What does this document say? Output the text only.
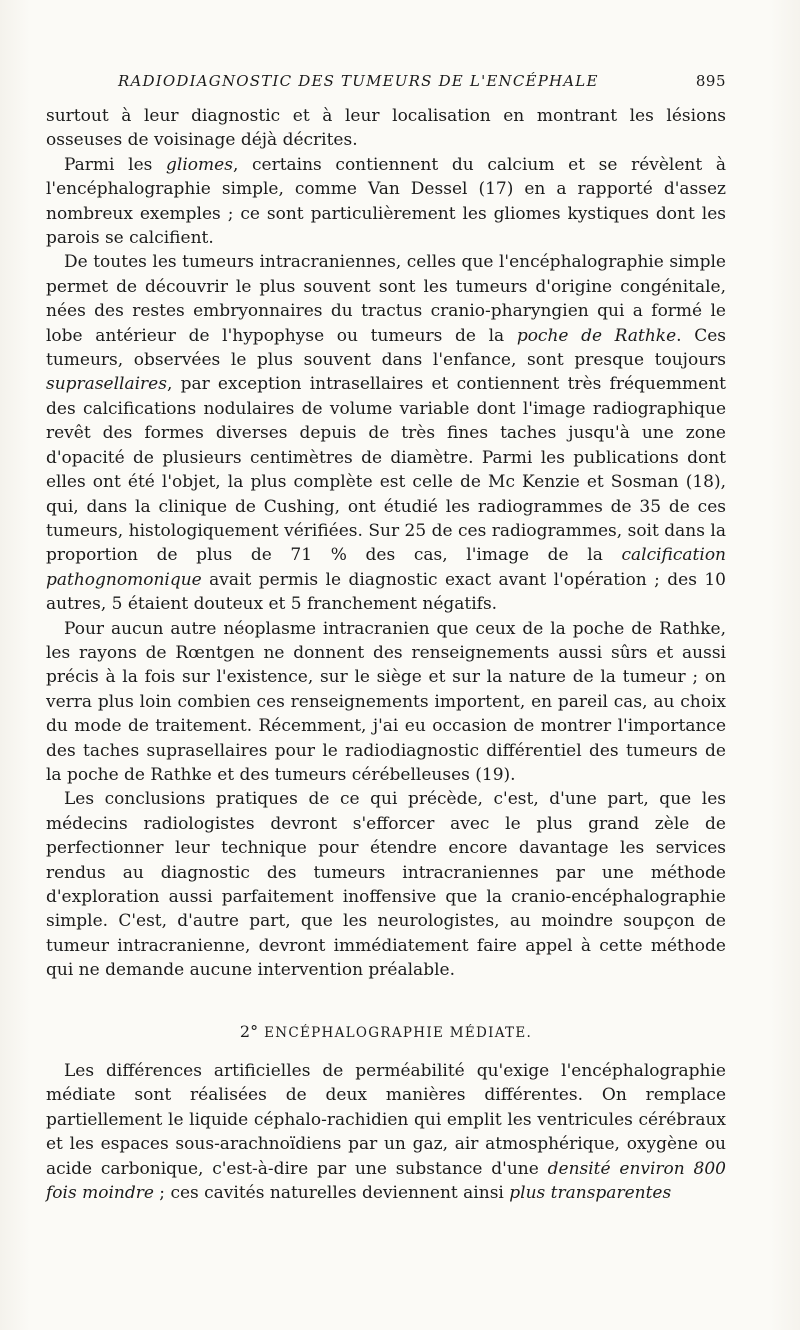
RADIODIAGNOSTIC DES TUMEURS DE L'ENCÉPHALE	895

surtout à leur diagnostic et à leur localisation en montrant les lésions osseuses de voisinage déjà décrites.

Parmi les gliomes, certains contiennent du calcium et se révèlent à l'encéphalographie simple, comme Van Dessel (17) en a rapporté d'assez nombreux exemples ; ce sont particulièrement les gliomes kystiques dont les parois se calcifient.

De toutes les tumeurs intracraniennes, celles que l'encéphalographie simple permet de découvrir le plus souvent sont les tumeurs d'origine congénitale, nées des restes embryonnaires du tractus cranio-pharyngien qui a formé le lobe antérieur de l'hypophyse ou tumeurs de la poche de Rathke. Ces tumeurs, observées le plus souvent dans l'enfance, sont presque toujours suprasellaires, par exception intrasellaires et contiennent très fréquemment des calcifications nodulaires de volume variable dont l'image radiographique revêt des formes diverses depuis de très fines taches jusqu'à une zone d'opacité de plusieurs centimètres de diamètre. Parmi les publications dont elles ont été l'objet, la plus complète est celle de Mc Kenzie et Sosman (18), qui, dans la clinique de Cushing, ont étudié les radiogrammes de 35 de ces tumeurs, histologiquement vérifiées. Sur 25 de ces radiogrammes, soit dans la proportion de plus de 71 % des cas, l'image de la calcification pathognomonique avait permis le diagnostic exact avant l'opération ; des 10 autres, 5 étaient douteux et 5 franchement négatifs.

Pour aucun autre néoplasme intracranien que ceux de la poche de Rathke, les rayons de Rœntgen ne donnent des renseignements aussi sûrs et aussi précis à la fois sur l'existence, sur le siège et sur la nature de la tumeur ; on verra plus loin combien ces renseignements importent, en pareil cas, au choix du mode de traitement. Récemment, j'ai eu occasion de montrer l'importance des taches suprasellaires pour le radiodiagnostic différentiel des tumeurs de la poche de Rathke et des tumeurs cérébelleuses (19).

Les conclusions pratiques de ce qui précède, c'est, d'une part, que les médecins radiologistes devront s'efforcer avec le plus grand zèle de perfectionner leur technique pour étendre encore davantage les services rendus au diagnostic des tumeurs intracraniennes par une méthode d'exploration aussi parfaitement inoffensive que la cranio-encéphalographie simple. C'est, d'autre part, que les neurologistes, au moindre soupçon de tumeur intracranienne, devront immédiatement faire appel à cette méthode qui ne demande aucune intervention préalable.

2° ENCÉPHALOGRAPHIE MÉDIATE.

Les différences artificielles de perméabilité qu'exige l'encéphalographie médiate sont réalisées de deux manières différentes. On remplace partiellement le liquide céphalo-rachidien qui emplit les ventricules cérébraux et les espaces sous-arachnoïdiens par un gaz, air atmosphérique, oxygène ou acide carbonique, c'est-à-dire par une substance d'une densité environ 800 fois moindre ; ces cavités naturelles deviennent ainsi plus transparentes
